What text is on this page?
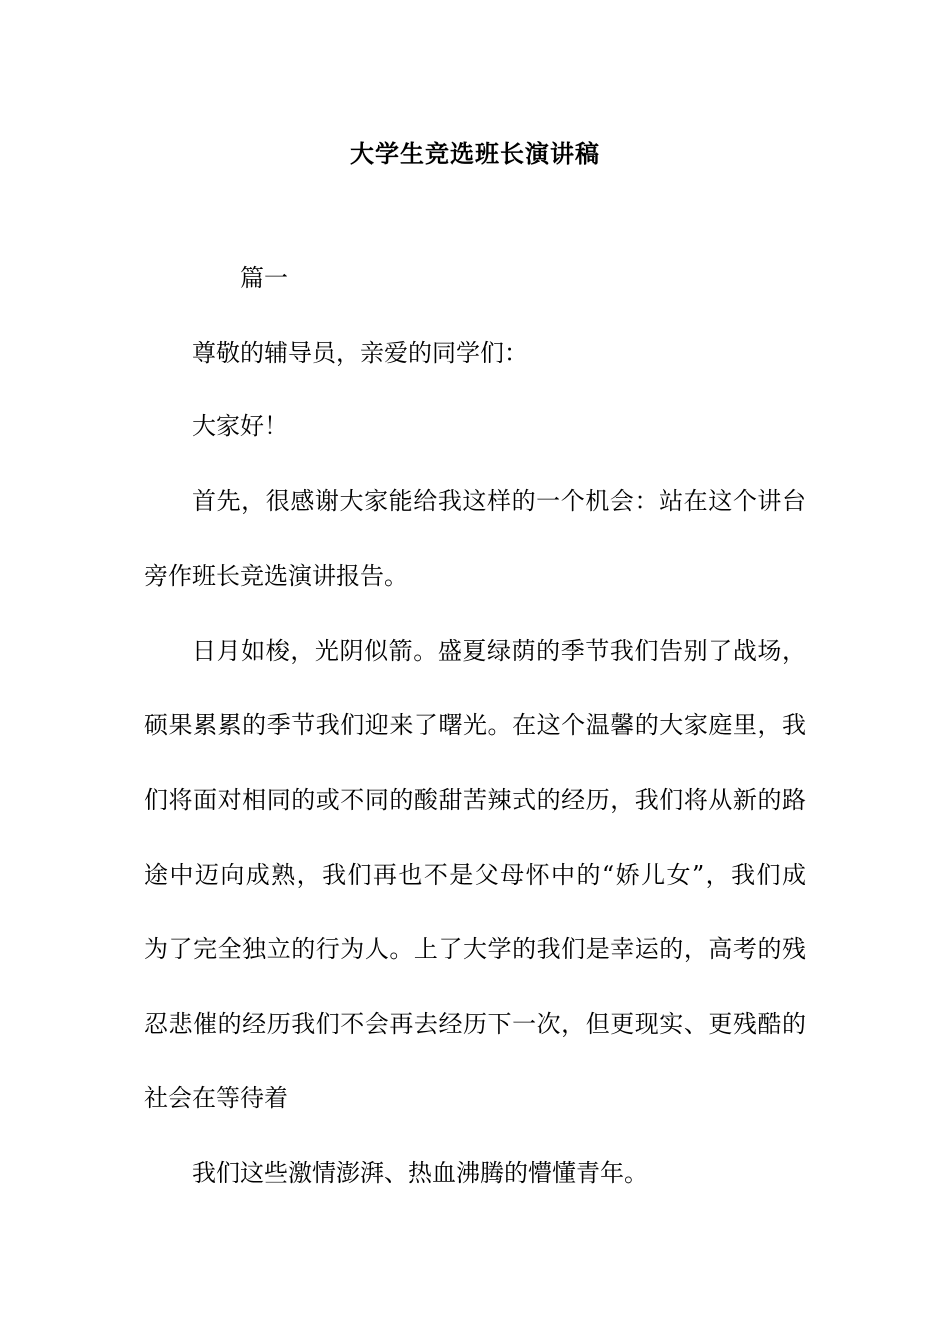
大学生竞选班长演讲稿
篇一
尊敬的辅导员，亲爱的同学们：
大家好！
首先，很感谢大家能给我这样的一个机会：站在这个讲台
旁作班长竞选演讲报告。
日月如梭，光阴似箭。盛夏绿荫的季节我们告别了战场，
硕果累累的季节我们迎来了曙光。在这个温馨的大家庭里，我
们将面对相同的或不同的酸甜苦辣式的经历，我们将从新的路
途中迈向成熟，我们再也不是父母怀中的“娇儿女”，我们成
为了完全独立的行为人。上了大学的我们是幸运的，高考的残
忍悲催的经历我们不会再去经历下一次，但更现实、更残酷的
社会在等待着
我们这些激情澎湃、热血沸腾的懵懂青年。
